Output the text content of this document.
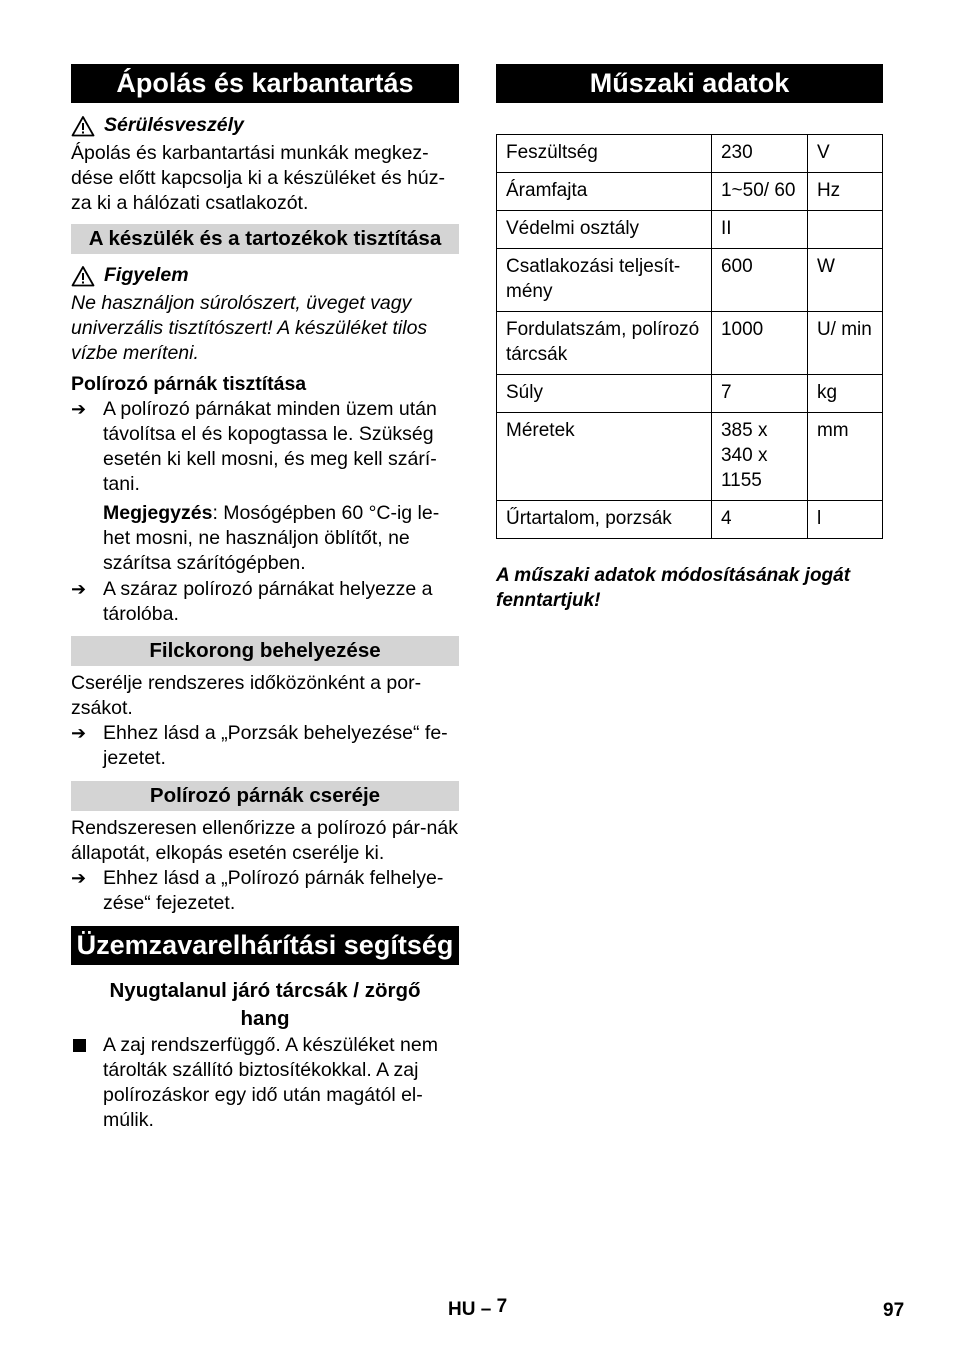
Ápolás és karbantartás
Sérülésveszély

Ápolás és karbantartási munkák megkez-dése előtt kapcsolja ki a készüléket és húz-za ki a hálózati csatlakozót.

A készülék és a tartozékok tisztítása
Figyelem

Ne használjon súrolószert, üveget vagy univerzális tisztítószert! A készüléket tilos vízbe meríteni.

Polírozó párnák tisztítása

➔ A polírozó párnákat minden üzem után távolítsa el és kopogtassa le. Szükség esetén ki kell mosni, és meg kell szárí-tani.

Megjegyzés: Mosógépben 60 °C-ig le-het mosni, ne használjon öblítőt, ne szárítsa szárítógépben.

➔ A száraz polírozó párnákat helyezze a tárolóba.
Filckorong behelyezése

Cserélje rendszeres időközönként a por-zsákot.

➔ Ehhez lásd a „Porzsák behelyezése“ fe-jezetet.
Polírozó párnák cseréje

Rendszeresen ellenőrizze a polírozó pár-nák állapotát, elkopás esetén cserélje ki.

➔ Ehhez lásd a „Polírozó párnák felhelye-zése“ fejezetet.
Üzemzavarelhárítási segítség

Nyugtalanul járó tárcsák / zörgő hang

A zaj rendszerfüggő. A készüléket nem tárolták szállító biztosítékokkal. A zaj polírozáskor egy idő után magától el-múlik.
Műszaki adatok
Feszültség	230	V
Áramfajta	1~50/ 60	Hz
Védelmi osztály	II	
Csatlakozási teljesít-mény	600	W
Fordulatszám, polírozó tárcsák	1000	U/ min
Súly	7	kg
Méretek	385 x 340 x 1155	mm
Űrtartalom, porzsák	4	l

A műszaki adatok módosításának jogát fenntartjuk!

HU – 7	97
